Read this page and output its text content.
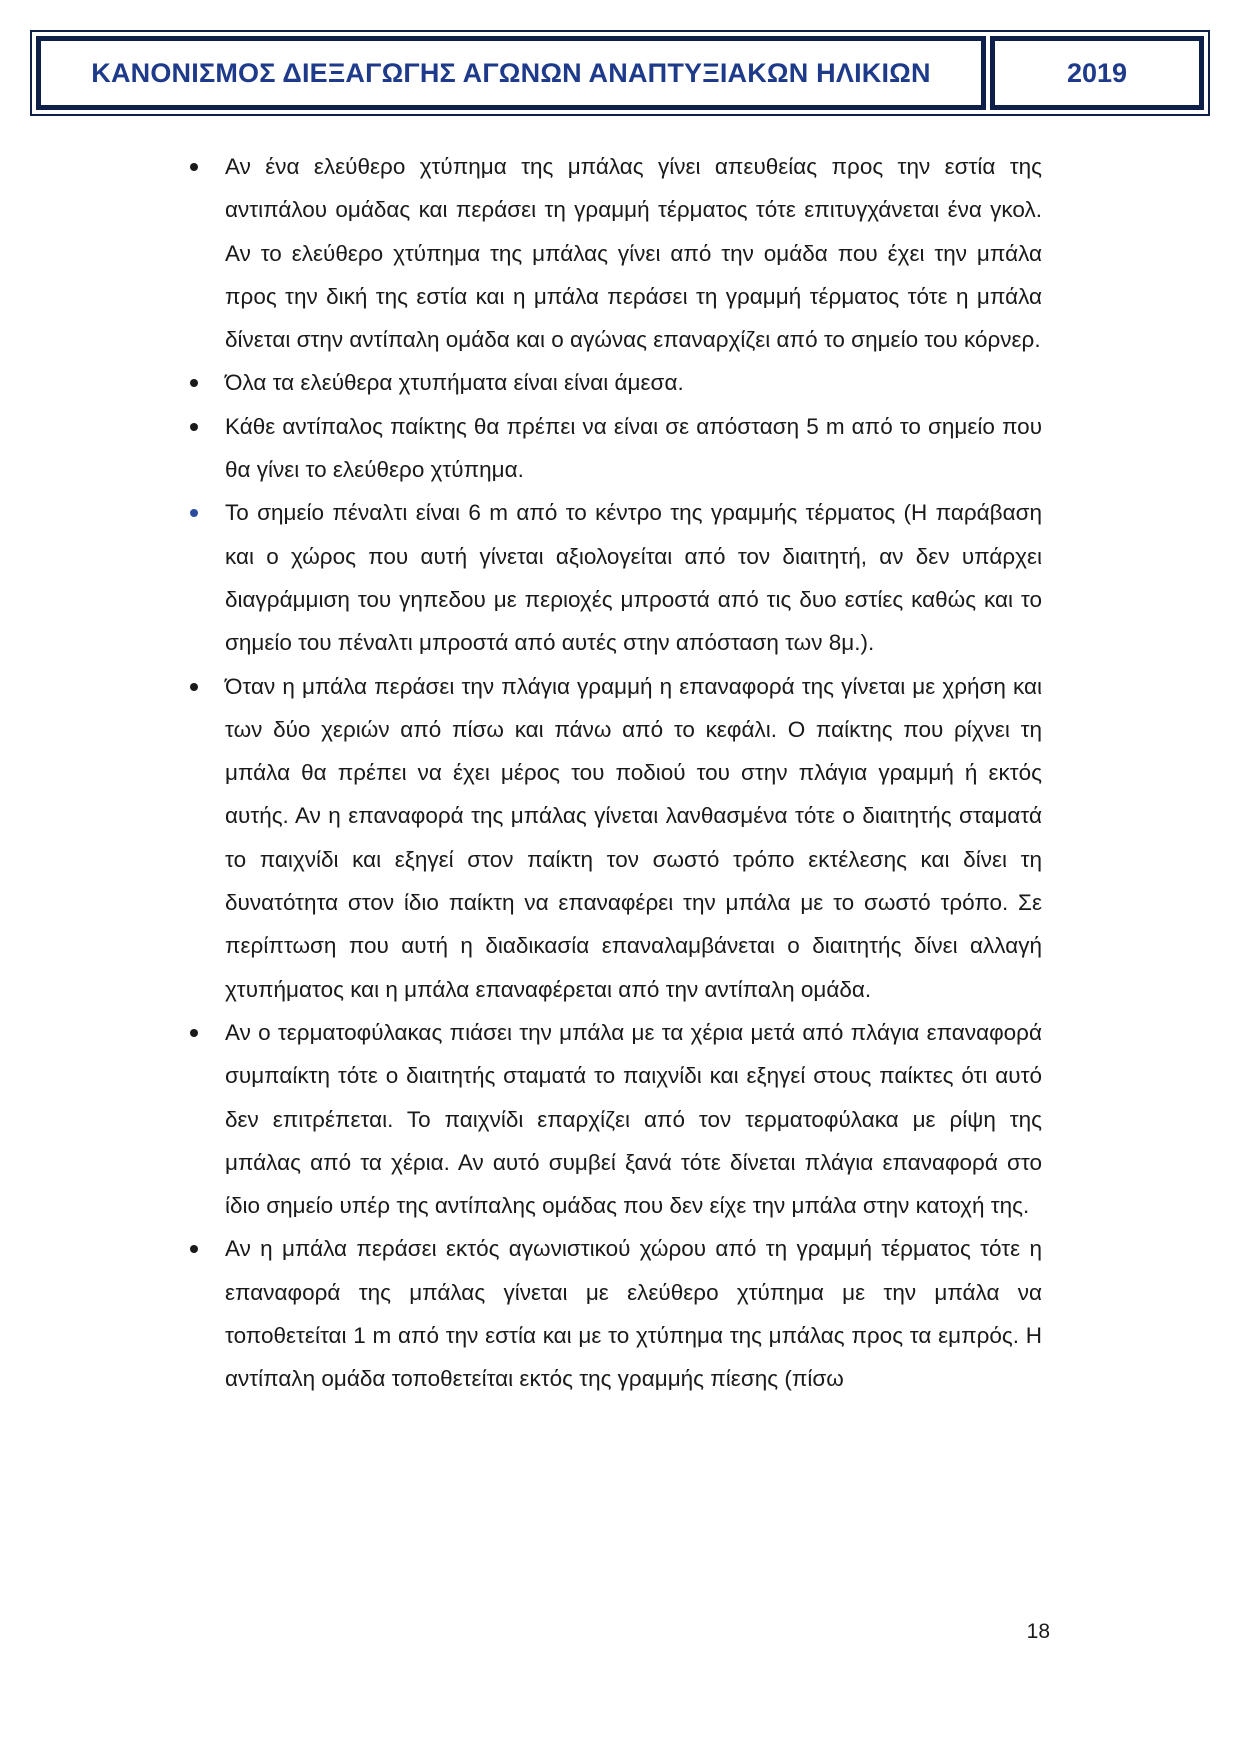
ΚΑΝΟΝΙΣΜΟΣ ΔΙΕΞΑΓΩΓΗΣ ΑΓΩΝΩΝ ΑΝΑΠΤΥΞΙΑΚΩΝ ΗΛΙΚΙΩΝ	2019
Αν ένα ελεύθερο χτύπημα της μπάλας γίνει απευθείας προς την εστία της αντιπάλου ομάδας και περάσει τη γραμμή τέρματος τότε επιτυγχάνεται ένα γκολ. Αν το ελεύθερο χτύπημα της μπάλας γίνει από την ομάδα που έχει την μπάλα προς την δική της εστία και η μπάλα περάσει τη γραμμή τέρματος τότε η μπάλα δίνεται στην αντίπαλη ομάδα και ο αγώνας επαναρχίζει από το σημείο του κόρνερ.
Όλα τα ελεύθερα χτυπήματα είναι είναι άμεσα.
Κάθε αντίπαλος παίκτης θα πρέπει να είναι σε απόσταση 5 m από το σημείο που θα γίνει το ελεύθερο χτύπημα.
Το σημείο πέναλτι είναι 6 m από το κέντρο της γραμμής τέρματος (Η παράβαση και ο χώρος που αυτή γίνεται αξιολογείται από τον διαιτητή, αν δεν υπάρχει διαγράμμιση του γηπεδου με περιοχές μπροστά από τις δυο εστίες καθώς και το σημείο του πέναλτι μπροστά από αυτές στην απόσταση των 8μ.).
Όταν η μπάλα περάσει την πλάγια γραμμή η επαναφορά της γίνεται με χρήση και των δύο χεριών από πίσω και πάνω από το κεφάλι. Ο παίκτης που ρίχνει τη μπάλα θα πρέπει να έχει μέρος του ποδιού του στην πλάγια γραμμή ή εκτός αυτής. Αν η επαναφορά της μπάλας γίνεται λανθασμένα τότε ο διαιτητής σταματά το παιχνίδι και εξηγεί στον παίκτη τον σωστό τρόπο εκτέλεσης και δίνει τη δυνατότητα στον ίδιο παίκτη να επαναφέρει την μπάλα με το σωστό τρόπο. Σε περίπτωση που αυτή η διαδικασία επαναλαμβάνεται ο διαιτητής δίνει αλλαγή χτυπήματος και η μπάλα επαναφέρεται από την αντίπαλη ομάδα.
Αν ο τερματοφύλακας πιάσει την μπάλα με τα χέρια μετά από πλάγια επαναφορά συμπαίκτη τότε ο διαιτητής σταματά το παιχνίδι και εξηγεί στους παίκτες ότι αυτό δεν επιτρέπεται. Το παιχνίδι επαρχίζει από τον τερματοφύλακα με ρίψη της μπάλας από τα χέρια. Αν αυτό συμβεί ξανά τότε δίνεται πλάγια επαναφορά στο ίδιο σημείο υπέρ της αντίπαλης ομάδας που δεν είχε την μπάλα στην κατοχή της.
Αν η μπάλα περάσει εκτός αγωνιστικού χώρου από τη γραμμή τέρματος τότε η επαναφορά της μπάλας γίνεται με ελεύθερο χτύπημα με την μπάλα να τοποθετείται 1 m από την εστία και με το χτύπημα της μπάλας προς τα εμπρός. Η αντίπαλη ομάδα τοποθετείται εκτός της γραμμής πίεσης (πίσω
18
